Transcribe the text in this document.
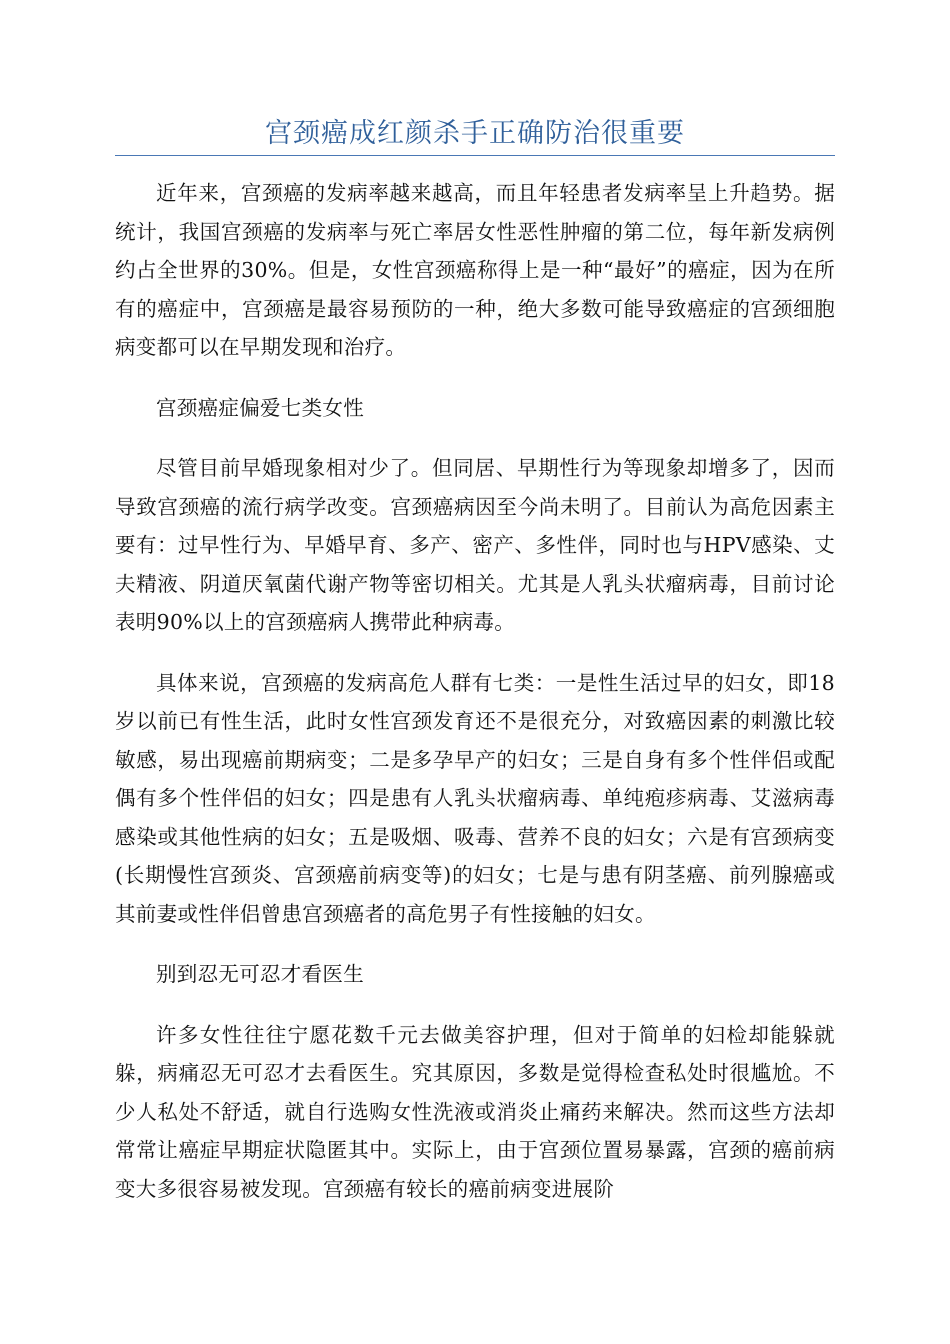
宫颈癌成红颜杀手正确防治很重要

近年来，宫颈癌的发病率越来越高，而且年轻患者发病率呈上升趋势。据统计，我国宫颈癌的发病率与死亡率居女性恶性肿瘤的第二位，每年新发病例约占全世界的30%。但是，女性宫颈癌称得上是一种“最好”的癌症，因为在所有的癌症中，宫颈癌是最容易预防的一种，绝大多数可能导致癌症的宫颈细胞病变都可以在早期发现和治疗。

宫颈癌症偏爱七类女性

尽管目前早婚现象相对少了。但同居、早期性行为等现象却增多了，因而导致宫颈癌的流行病学改变。宫颈癌病因至今尚未明了。目前认为高危因素主要有：过早性行为、早婚早育、多产、密产、多性伴，同时也与HPV感染、丈夫精液、阴道厌氧菌代谢产物等密切相关。尤其是人乳头状瘤病毒，目前讨论表明90%以上的宫颈癌病人携带此种病毒。

具体来说，宫颈癌的发病高危人群有七类：一是性生活过早的妇女，即18岁以前已有性生活，此时女性宫颈发育还不是很充分，对致癌因素的刺激比较敏感，易出现癌前期病变；二是多孕早产的妇女；三是自身有多个性伴侣或配偶有多个性伴侣的妇女；四是患有人乳头状瘤病毒、单纯疱疹病毒、艾滋病毒感染或其他性病的妇女；五是吸烟、吸毒、营养不良的妇女；六是有宫颈病变(长期慢性宫颈炎、宫颈癌前病变等)的妇女；七是与患有阴茎癌、前列腺癌或其前妻或性伴侣曾患宫颈癌者的高危男子有性接触的妇女。

别到忍无可忍才看医生

许多女性往往宁愿花数千元去做美容护理，但对于简单的妇检却能躲就躲，病痛忍无可忍才去看医生。究其原因，多数是觉得检查私处时很尴尬。不少人私处不舒适，就自行选购女性洗液或消炎止痛药来解决。然而这些方法却常常让癌症早期症状隐匿其中。实际上，由于宫颈位置易暴露，宫颈的癌前病变大多很容易被发现。宫颈癌有较长的癌前病变进展阶
